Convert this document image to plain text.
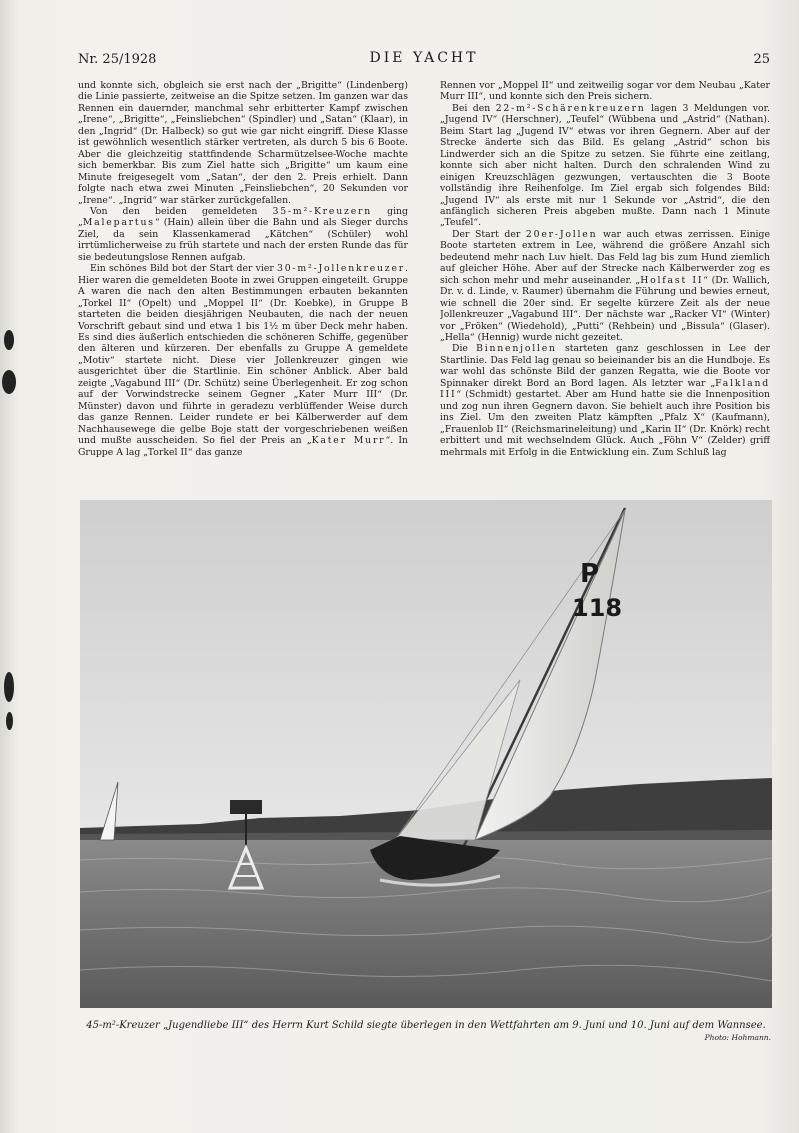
Nr. 25/1928	DIE YACHT	25

und konnte sich, obgleich sie erst nach der „Brigitte“ (Lindenberg) die Linie passierte, zeitweise an die Spitze setzen. Im ganzen war das Rennen ein dauernder, manchmal sehr erbitterter Kampf zwischen „Irene“, „Brigitte“, „Feinsliebchen“ (Spindler) und „Satan“ (Klaar), in den „Ingrid“ (Dr. Halbeck) so gut wie gar nicht eingriff. Diese Klasse ist gewöhnlich wesentlich stärker vertreten, als durch 5 bis 6 Boote. Aber die gleichzeitig stattfindende Scharmützelsee-Woche machte sich bemerkbar. Bis zum Ziel hatte sich „Brigitte“ um kaum eine Minute freigesegelt vom „Satan“, der den 2. Preis erhielt. Dann folgte nach etwa zwei Minuten „Feinsliebchen“, 20 Sekunden vor „Irene“. „Ingrid“ war stärker zurückgefallen.

Von den beiden gemeldeten 35-m²-Kreuzern ging „Malepartus“ (Hain) allein über die Bahn und als Sieger durchs Ziel, da sein Klassenkamerad „Kätchen“ (Schüler) wohl irrtümlicherweise zu früh startete und nach der ersten Runde das für sie bedeutungslose Rennen aufgab.

Ein schönes Bild bot der Start der vier 30-m²-Jollenkreuzer. Hier waren die gemeldeten Boote in zwei Gruppen eingeteilt. Gruppe A waren die nach den alten Bestimmungen erbauten bekannten „Torkel II“ (Opelt) und „Moppel II“ (Dr. Koebke), in Gruppe B starteten die beiden diesjährigen Neubauten, die nach der neuen Vorschrift gebaut sind und etwa 1 bis 1½ m über Deck mehr haben. Es sind dies äußerlich entschieden die schöneren Schiffe, gegenüber den älteren und kürzeren. Der ebenfalls zu Gruppe A gemeldete „Motiv“ startete nicht. Diese vier Jollenkreuzer gingen wie ausgerichtet über die Startlinie. Ein schöner Anblick. Aber bald zeigte „Vagabund III“ (Dr. Schütz) seine Überlegenheit. Er zog schon auf der Vorwindstrecke seinem Gegner „Kater Murr III“ (Dr. Münster) davon und führte in geradezu verblüffender Weise durch das ganze Rennen. Leider rundete er bei Kälberwerder auf dem Nachhausewege die gelbe Boje statt der vorgeschriebenen weißen und mußte ausscheiden. So fiel der Preis an „Kater Murr“. In Gruppe A lag „Torkel II“ das ganze

Rennen vor „Moppel II“ und zeitweilig sogar vor dem Neubau „Kater Murr III“, und konnte sich den Preis sichern.

Bei den 22-m²-Schärenkreuzern lagen 3 Meldungen vor. „Jugend IV“ (Herschner), „Teufel“ (Wübbena und „Astrid“ (Nathan). Beim Start lag „Jugend IV“ etwas vor ihren Gegnern. Aber auf der Strecke änderte sich das Bild. Es gelang „Astrid“ schon bis Lindwerder sich an die Spitze zu setzen. Sie führte eine zeitlang, konnte sich aber nicht halten. Durch den schralenden Wind zu einigen Kreuzschlägen gezwungen, vertauschten die 3 Boote vollständig ihre Reihenfolge. Im Ziel ergab sich folgendes Bild: „Jugend IV“ als erste mit nur 1 Sekunde vor „Astrid“, die den anfänglich sicheren Preis abgeben mußte. Dann nach 1 Minute „Teufel“.

Der Start der 20er-Jollen war auch etwas zerrissen. Einige Boote starteten extrem in Lee, während die größere Anzahl sich bedeutend mehr nach Luv hielt. Das Feld lag bis zum Hund ziemlich auf gleicher Höhe. Aber auf der Strecke nach Kälberwerder zog es sich schon mehr und mehr auseinander. „Holfast II“ (Dr. Wallich, Dr. v. d. Linde, v. Raumer) übernahm die Führung und bewies erneut, wie schnell die 20er sind. Er segelte kürzere Zeit als der neue Jollenkreuzer „Vagabund III“. Der nächste war „Racker VI“ (Winter) vor „Fröken“ (Wiedehold), „Putti“ (Rehbein) und „Bissula“ (Glaser). „Hella“ (Hennig) wurde nicht gezeitet.

Die Binnenjollen starteten ganz geschlossen in Lee der Startlinie. Das Feld lag genau so beieinander bis an die Hundboje. Es war wohl das schönste Bild der ganzen Regatta, wie die Boote vor Spinnaker direkt Bord an Bord lagen. Als letzter war „Falkland III“ (Schmidt) gestartet. Aber am Hund hatte sie die Innenposition und zog nun ihren Gegnern davon. Sie behielt auch ihre Position bis ins Ziel. Um den zweiten Platz kämpften „Pfalz X“ (Kaufmann), „Frauenlob II“ (Reichsmarineleitung) und „Karin II“ (Dr. Knörk) recht erbittert und mit wechselndem Glück. Auch „Föhn V“ (Zelder) griff mehrmals mit Erfolg in die Entwicklung ein. Zum Schluß lag

P
118
45-m²-Kreuzer „Jugendliebe III“ des Herrn Kurt Schild siegte überlegen in den Wettfahrten am 9. Juni und 10. Juni auf dem Wannsee.
Photo: Hohmann.
